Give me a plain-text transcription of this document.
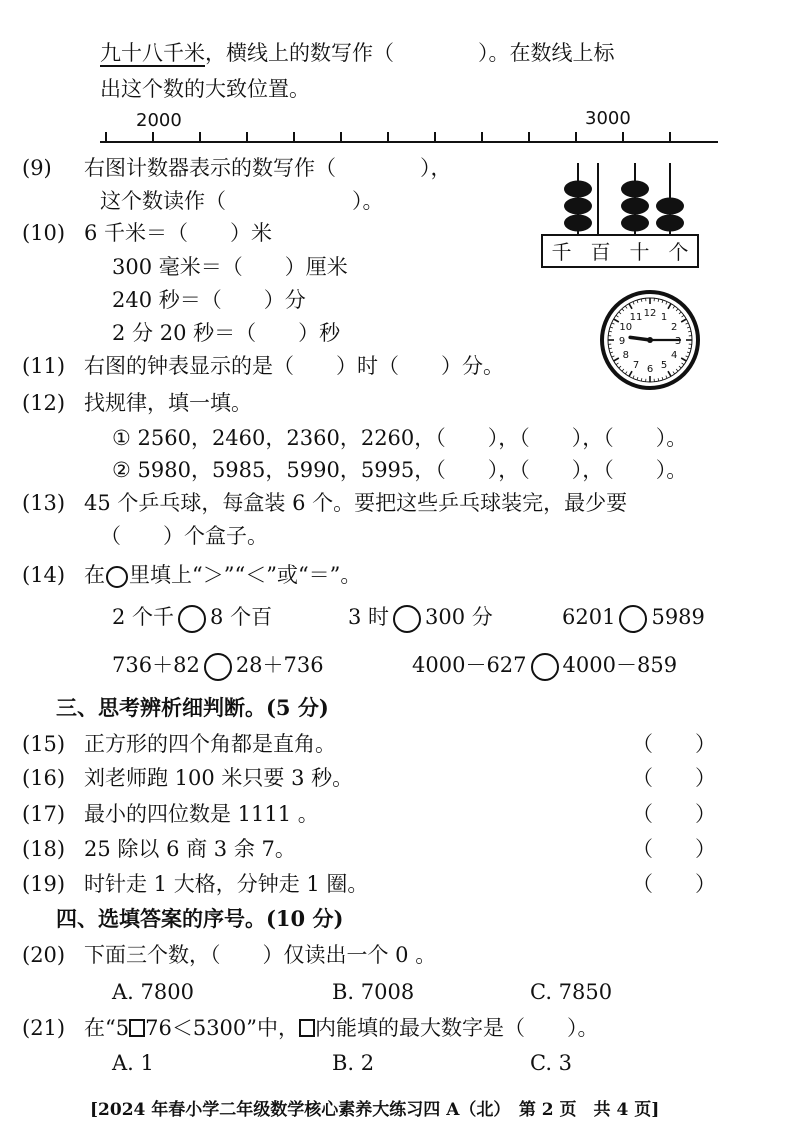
九十八千米，横线上的数写作（　　　　）。在数线上标
出这个数的大致位置。
2000	3000
(9) 右图计数器表示的数写作（　　　　），
这个数读作（　　　　　　）。
千 百 十 个
(10) 6 千米＝（　　）米
300 毫米＝（　　）厘米
240 秒＝（　　）分
2 分 20 秒＝（　　）秒
12 1
2
3
4
5
6
7
8
9
10
11
(11) 右图的钟表显示的是（　　）时（　　）分。
(12) 找规律，填一填。
① 2560，2460，2360，2260，（　　），（　　），（　　）。
② 5980，5985，5990，5995，（　　），（　　），（　　）。
(13) 45 个乒乓球，每盒装 6 个。要把这些乒乓球装完，最少要
（　　）个盒子。
(14) 在 里填上“＞”“＜”或“＝”。
2 个千 8 个百	3 时 300 分	6201 5989
736＋82 28＋736	4000－627 4000－859
三、思考辨析细判断。(5 分)
(15) 正方形的四个角都是直角。	（　　）
(16) 刘老师跑 100 米只要 3 秒。	（　　）
(17) 最小的四位数是 1111 。	（　　）
(18) 25 除以 6 商 3 余 7。	（　　）
(19) 时针走 1 大格，分钟走 1 圈。	（　　）
四、选填答案的序号。(10 分)
(20) 下面三个数，（　　）仅读出一个 0 。
A. 7800	B. 7008	C. 7850
(21) 在“5 76＜5300”中， 内能填的最大数字是（　　）。
A. 1	B. 2	C. 3
[2024 年春小学二年级数学核心素养大练习四 A（北）　第 2 页　共 4 页]
